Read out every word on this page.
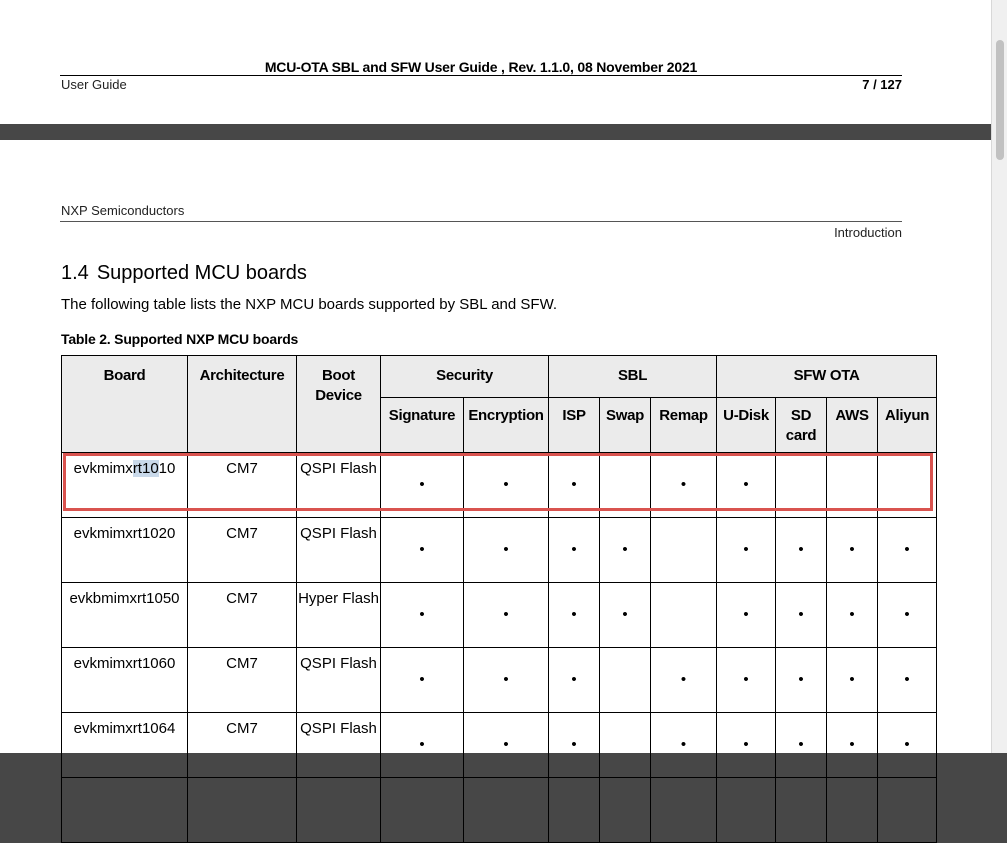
MCU-OTA SBL and SFW User Guide , Rev. 1.1.0, 08 November 2021
User Guide	7 / 127
NXP Semiconductors
Introduction
1.4 Supported MCU boards

The following table lists the NXP MCU boards supported by SBL and SFW.

Table 2. Supported NXP MCU boards
Board	Architecture	Boot Device	Security		SBL			SFW OTA			
			Signature	Encryption	ISP	Swap	Remap	U-Disk	SD card	AWS	Aliyun
evkmimxrt1010	CM7	QSPI Flash	•	•	•		•	•			
evkmimxrt1020	CM7	QSPI Flash	•	•	•	•		•	•	•	•
evkbmimxrt1050	CM7	Hyper Flash	•	•	•	•		•	•	•	•
evkmimxrt1060	CM7	QSPI Flash	•	•	•		•	•	•	•	•
evkmimxrt1064	CM7	QSPI Flash	•	•	•		•	•	•	•	•
